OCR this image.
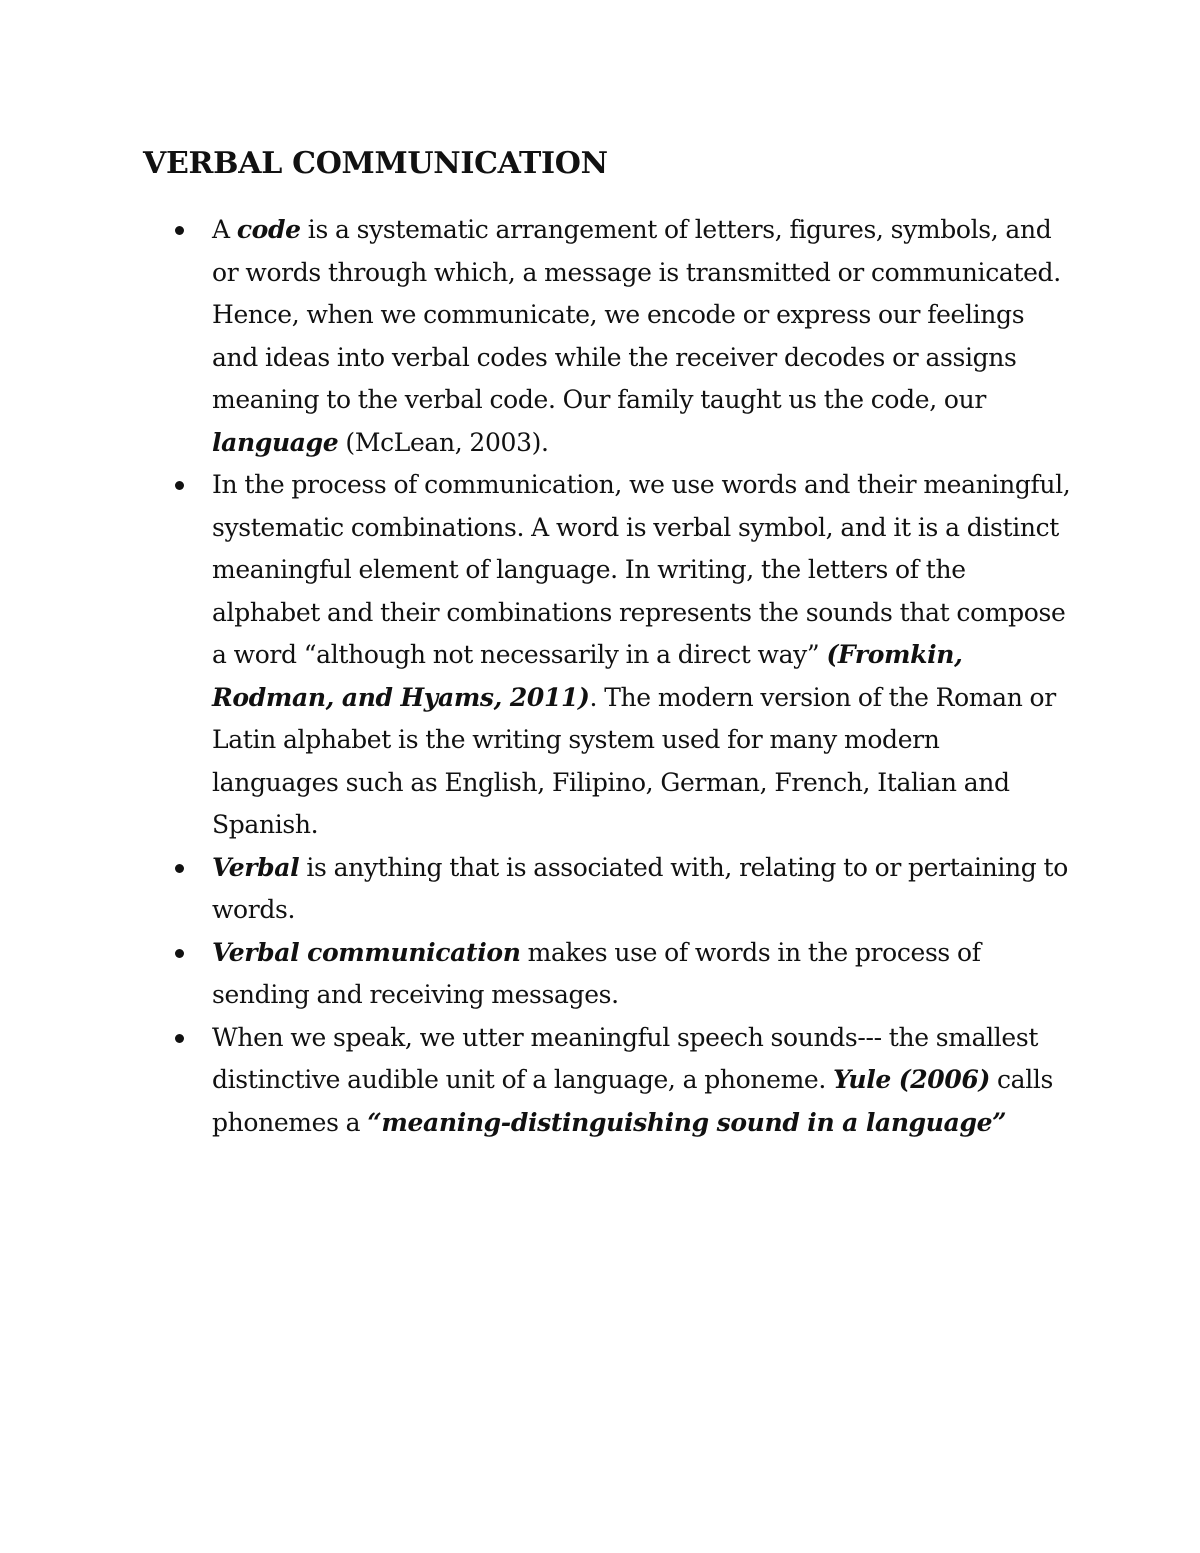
VERBAL COMMUNICATION
A code is a systematic arrangement of letters, figures, symbols, and or words through which, a message is transmitted or communicated. Hence, when we communicate, we encode or express our feelings and ideas into verbal codes while the receiver decodes or assigns meaning to the verbal code. Our family taught us the code, our language (McLean, 2003).
In the process of communication, we use words and their meaningful, systematic combinations. A word is verbal symbol, and it is a distinct meaningful element of language. In writing, the letters of the alphabet and their combinations represents the sounds that compose a word “although not necessarily in a direct way” (Fromkin, Rodman, and Hyams, 2011). The modern version of the Roman or Latin alphabet is the writing system used for many modern languages such as English, Filipino, German, French, Italian and Spanish.
Verbal is anything that is associated with, relating to or pertaining to words.
Verbal communication makes use of words in the process of sending and receiving messages.
When we speak, we utter meaningful speech sounds--- the smallest distinctive audible unit of a language, a phoneme. Yule (2006) calls phonemes a “meaning-distinguishing sound in a language”
